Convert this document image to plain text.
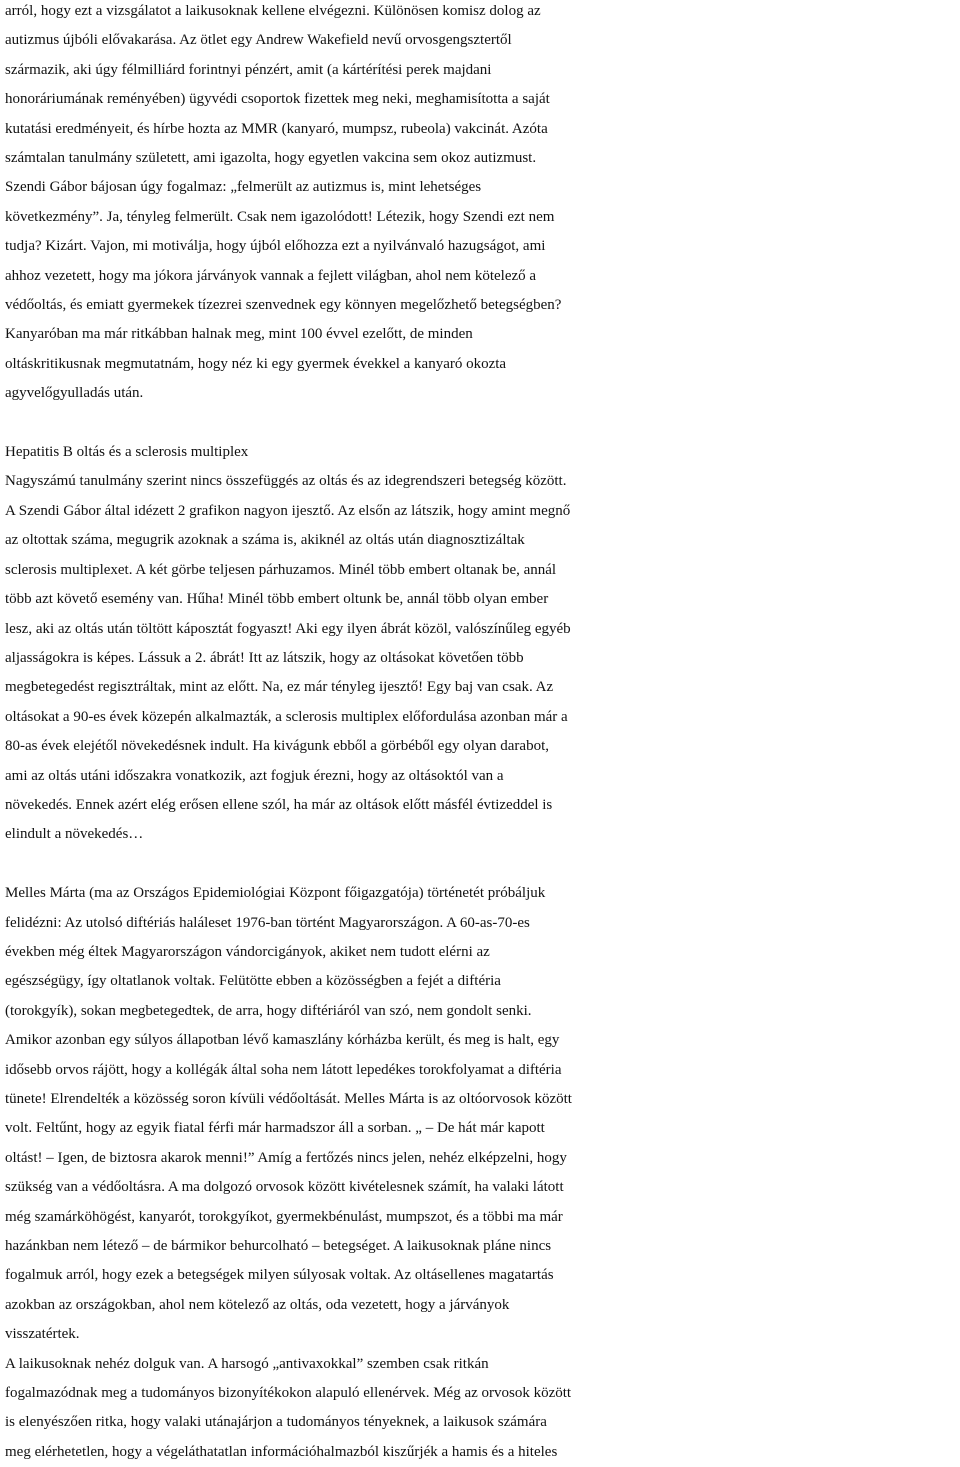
arról, hogy ezt a vizsgálatot a laikusoknak kellene elvégezni. Különösen komisz dolog az
autizmus újbóli elővakarása. Az ötlet egy Andrew Wakefield nevű orvosgengsztertől
származik, aki úgy félmilliárd forintnyi pénzért, amit (a kártérítési perek majdani
honoráriumának reményében) ügyvédi csoportok fizettek meg neki, meghamisította a saját
kutatási eredményeit, és hírbe hozta az MMR (kanyaró, mumpsz, rubeola) vakcinát. Azóta
számtalan tanulmány született, ami igazolta, hogy egyetlen vakcina sem okoz autizmust.
Szendi Gábor bájosan úgy fogalmaz: „felmerült az autizmus is, mint lehetséges
következmény”. Ja, tényleg felmerült. Csak nem igazolódott! Létezik, hogy Szendi ezt nem
tudja? Kizárt. Vajon, mi motiválja, hogy újból előhozza ezt a nyilvánvaló hazugságot, ami
ahhoz vezetett, hogy ma jókora járványok vannak a fejlett világban, ahol nem kötelező a
védőoltás, és emiatt gyermekek tízezrei szenvednek egy könnyen megelőzhető betegségben?
Kanyaróban ma már ritkábban halnak meg, mint 100 évvel ezelőtt, de minden
oltáskritikusnak megmutatnám, hogy néz ki egy gyermek évekkel a kanyaró okozta
agyvelőgyulladás után.
Hepatitis B oltás és a sclerosis multiplex
Nagyszámú tanulmány szerint nincs összefüggés az oltás és az idegrendszeri betegség között.
A Szendi Gábor által idézett 2 grafikon nagyon ijesztő. Az elsőn az látszik, hogy amint megnő
az oltottak száma, megugrik azoknak a száma is, akiknél az oltás után diagnosztizáltak
sclerosis multiplexet. A két görbe teljesen párhuzamos. Minél több embert oltanak be, annál
több azt követő esemény van. Hűha! Minél több embert oltunk be, annál több olyan ember
lesz, aki az oltás után töltött káposztát fogyaszt! Aki egy ilyen ábrát közöl, valószínűleg egyéb
aljasságokra is képes. Lássuk a 2. ábrát! Itt az látszik, hogy az oltásokat követően több
megbetegedést regisztráltak, mint az előtt. Na, ez már tényleg ijesztő! Egy baj van csak. Az
oltásokat a 90-es évek közepén alkalmazták, a sclerosis multiplex előfordulása azonban már a
80-as évek elejétől növekedésnek indult. Ha kivágunk ebből a görbéből egy olyan darabot,
ami az oltás utáni időszakra vonatkozik, azt fogjuk érezni, hogy az oltásoktól van a
növekedés. Ennek azért elég erősen ellene szól, ha már az oltások előtt másfél évtizeddel is
elindult a növekedés…
Melles Márta (ma az Országos Epidemiológiai Központ főigazgatója) történetét próbáljuk
felidézni: Az utolsó diftériás haláleset 1976-ban történt Magyarországon. A 60-as-70-es
években még éltek Magyarországon vándorcigányok, akiket nem tudott elérni az
egészségügy, így oltatlanok voltak. Felütötte ebben a közösségben a fejét a diftéria
(torokgyík), sokan megbetegedtek, de arra, hogy diftériáról van szó, nem gondolt senki.
Amikor azonban egy súlyos állapotban lévő kamaszlány kórházba került, és meg is halt, egy
idősebb orvos rájött, hogy a kollégák által soha nem látott lepedékes torokfolyamat a diftéria
tünete! Elrendelték a közösség soron kívüli védőoltását. Melles Márta is az oltóorvosok között
volt. Feltűnt, hogy az egyik fiatal férfi már harmadszor áll a sorban. „ – De hát már kapott
oltást! – Igen, de biztosra akarok menni!” Amíg a fertőzés nincs jelen, nehéz elképzelni, hogy
szükség van a védőoltásra. A ma dolgozó orvosok között kivételesnek számít, ha valaki látott
még szamárköhögést, kanyarót, torokgyíkot, gyermekbénulást, mumpszot, és a többi ma már
hazánkban nem létező – de bármikor behurcolható – betegséget. A laikusoknak pláne nincs
fogalmuk arról, hogy ezek a betegségek milyen súlyosak voltak. Az oltásellenes magatartás
azokban az országokban, ahol nem kötelező az oltás, oda vezetett, hogy a járványok
visszatértek.
A laikusoknak nehéz dolguk van. A harsogó „antivaxokkal” szemben csak ritkán
fogalmazódnak meg a tudományos bizonyítékokon alapuló ellenérvek. Még az orvosok között
is elenyészően ritka, hogy valaki utánajárjon a tudományos tényeknek, a laikusok számára
meg elérhetetlen, hogy a végeláthatatlan információhalmazból kiszűrjék a hamis és a hiteles
